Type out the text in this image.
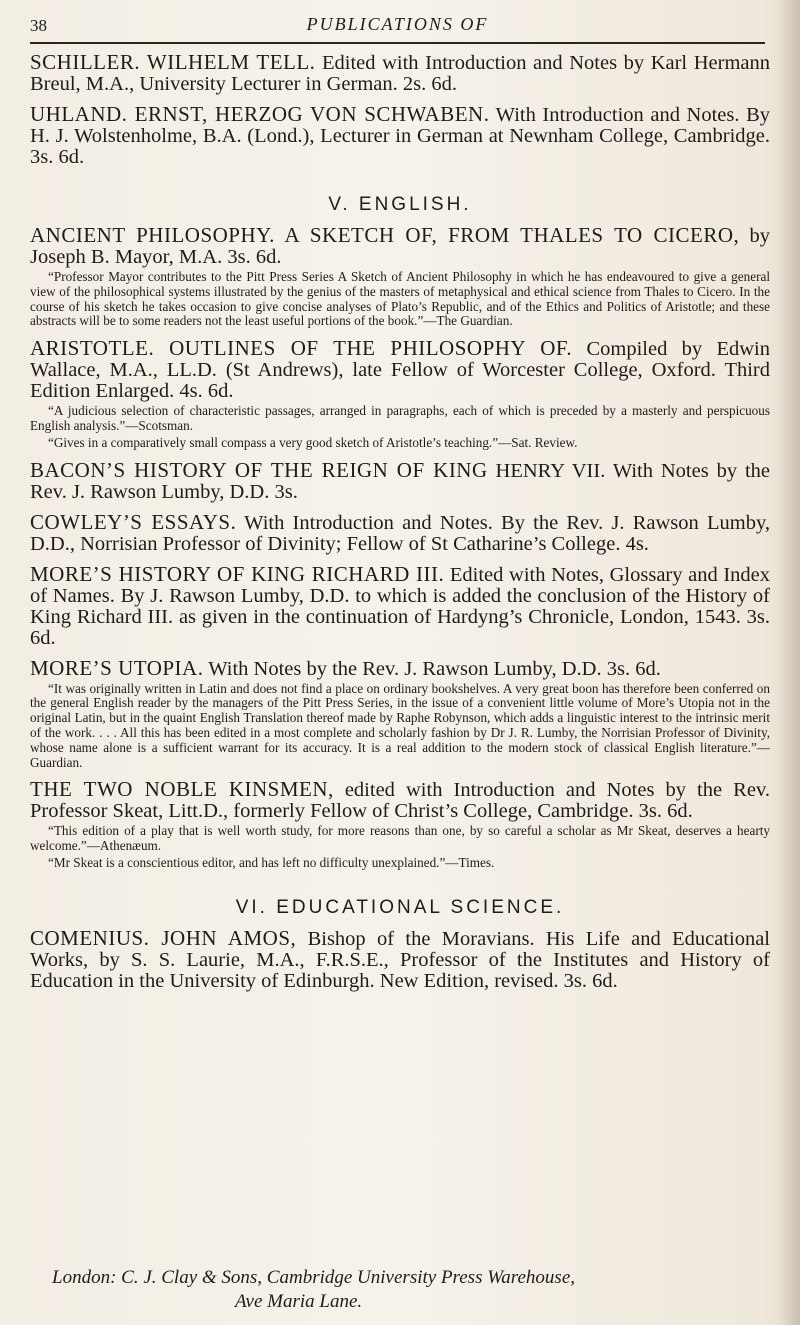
38	PUBLICATIONS OF

SCHILLER. WILHELM TELL. Edited with Introduction and Notes by Karl Hermann Breul, M.A., University Lecturer in German. 2s. 6d.

UHLAND. ERNST, HERZOG VON SCHWABEN. With Introduction and Notes. By H. J. Wolstenholme, B.A. (Lond.), Lecturer in German at Newnham College, Cambridge. 3s. 6d.

V. ENGLISH.

ANCIENT PHILOSOPHY. A SKETCH OF, FROM THALES TO CICERO, by Joseph B. Mayor, M.A. 3s. 6d.

“Professor Mayor contributes to the Pitt Press Series A Sketch of Ancient Philosophy in which he has endeavoured to give a general view of the philosophical systems illustrated by the genius of the masters of metaphysical and ethical science from Thales to Cicero. In the course of his sketch he takes occasion to give concise analyses of Plato’s Republic, and of the Ethics and Politics of Aristotle; and these abstracts will be to some readers not the least useful portions of the book.”—The Guardian.

ARISTOTLE. OUTLINES OF THE PHILOSOPHY OF. Compiled by Edwin Wallace, M.A., LL.D. (St Andrews), late Fellow of Worcester College, Oxford. Third Edition Enlarged. 4s. 6d.

“A judicious selection of characteristic passages, arranged in paragraphs, each of which is preceded by a masterly and perspicuous English analysis.”—Scotsman.

“Gives in a comparatively small compass a very good sketch of Aristotle’s teaching.”—Sat. Review.

BACON’S HISTORY OF THE REIGN OF KING HENRY VII. With Notes by the Rev. J. Rawson Lumby, D.D. 3s.

COWLEY’S ESSAYS. With Introduction and Notes. By the Rev. J. Rawson Lumby, D.D., Norrisian Professor of Divinity; Fellow of St Catharine’s College. 4s.

MORE’S HISTORY OF KING RICHARD III. Edited with Notes, Glossary and Index of Names. By J. Rawson Lumby, D.D. to which is added the conclusion of the History of King Richard III. as given in the continuation of Hardyng’s Chronicle, London, 1543. 3s. 6d.

MORE’S UTOPIA. With Notes by the Rev. J. Rawson Lumby, D.D. 3s. 6d.

“It was originally written in Latin and does not find a place on ordinary bookshelves. A very great boon has therefore been conferred on the general English reader by the managers of the Pitt Press Series, in the issue of a convenient little volume of More’s Utopia not in the original Latin, but in the quaint English Translation thereof made by Raphe Robynson, which adds a linguistic interest to the intrinsic merit of the work. . . . All this has been edited in a most complete and scholarly fashion by Dr J. R. Lumby, the Norrisian Professor of Divinity, whose name alone is a sufficient warrant for its accuracy. It is a real addition to the modern stock of classical English literature.”—Guardian.

THE TWO NOBLE KINSMEN, edited with Introduction and Notes by the Rev. Professor Skeat, Litt.D., formerly Fellow of Christ’s College, Cambridge. 3s. 6d.

“This edition of a play that is well worth study, for more reasons than one, by so careful a scholar as Mr Skeat, deserves a hearty welcome.”—Athenæum.

“Mr Skeat is a conscientious editor, and has left no difficulty unexplained.”—Times.

VI. EDUCATIONAL SCIENCE.

COMENIUS. JOHN AMOS, Bishop of the Moravians. His Life and Educational Works, by S. S. Laurie, M.A., F.R.S.E., Professor of the Institutes and History of Education in the University of Edinburgh. New Edition, revised. 3s. 6d.

London: C. J. Clay & Sons, Cambridge University Press Warehouse,
Ave Maria Lane.
